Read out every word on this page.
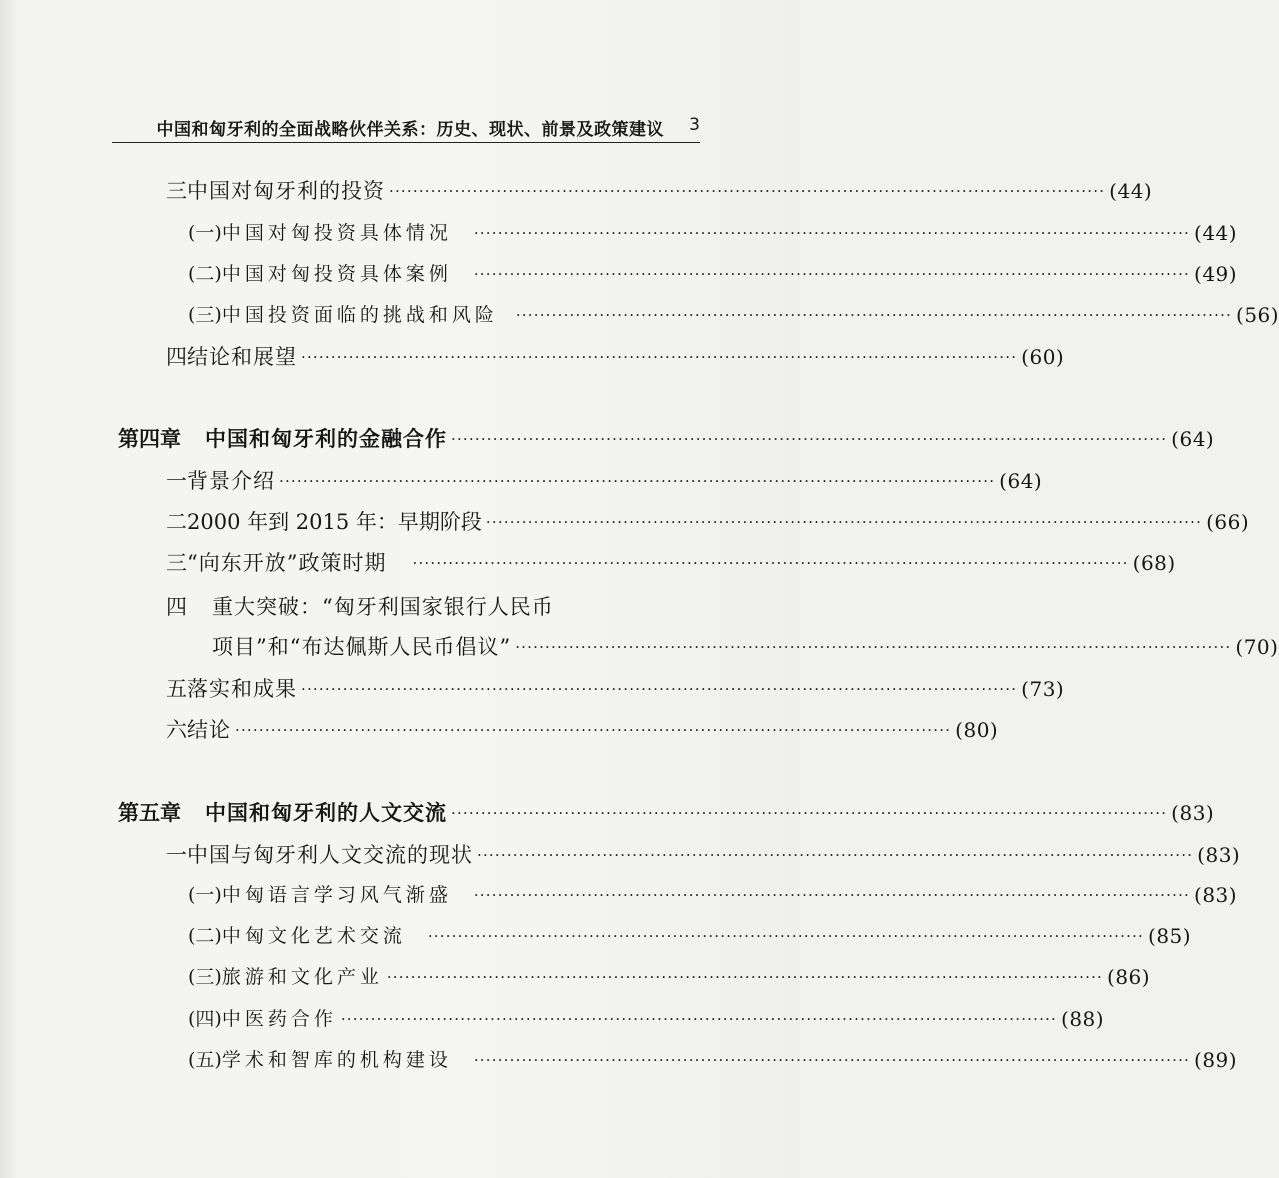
中国和匈牙利的全面战略伙伴关系：历史、现状、前景及政策建议 3
三 中国对匈牙利的投资 ························································································································ (44)
(一) 中国对匈投资具体情况 ························································································································ (44)
(二) 中国对匈投资具体案例 ························································································································ (49)
(三) 中国投资面临的挑战和风险 ························································································································ (56)
四 结论和展望 ························································································································ (60)
第四章 中国和匈牙利的金融合作 ························································································································ (64)
一 背景介绍 ························································································································ (64)
二 2000 年到 2015 年：早期阶段 ························································································································ (66)
三 “向东开放”政策时期 ························································································································ (68)
四	重大突破：“匈牙利国家银行人民币
项目”和“布达佩斯人民币倡议” ························································································································ (70)
五 落实和成果 ························································································································ (73)
六 结论 ························································································································ (80)
第五章 中国和匈牙利的人文交流 ························································································································ (83)
一 中国与匈牙利人文交流的现状 ························································································································ (83)
(一) 中匈语言学习风气渐盛 ························································································································ (83)
(二) 中匈文化艺术交流 ························································································································ (85)
(三) 旅游和文化产业 ························································································································ (86)
(四) 中医药合作 ························································································································ (88)
(五) 学术和智库的机构建设 ························································································································ (89)
